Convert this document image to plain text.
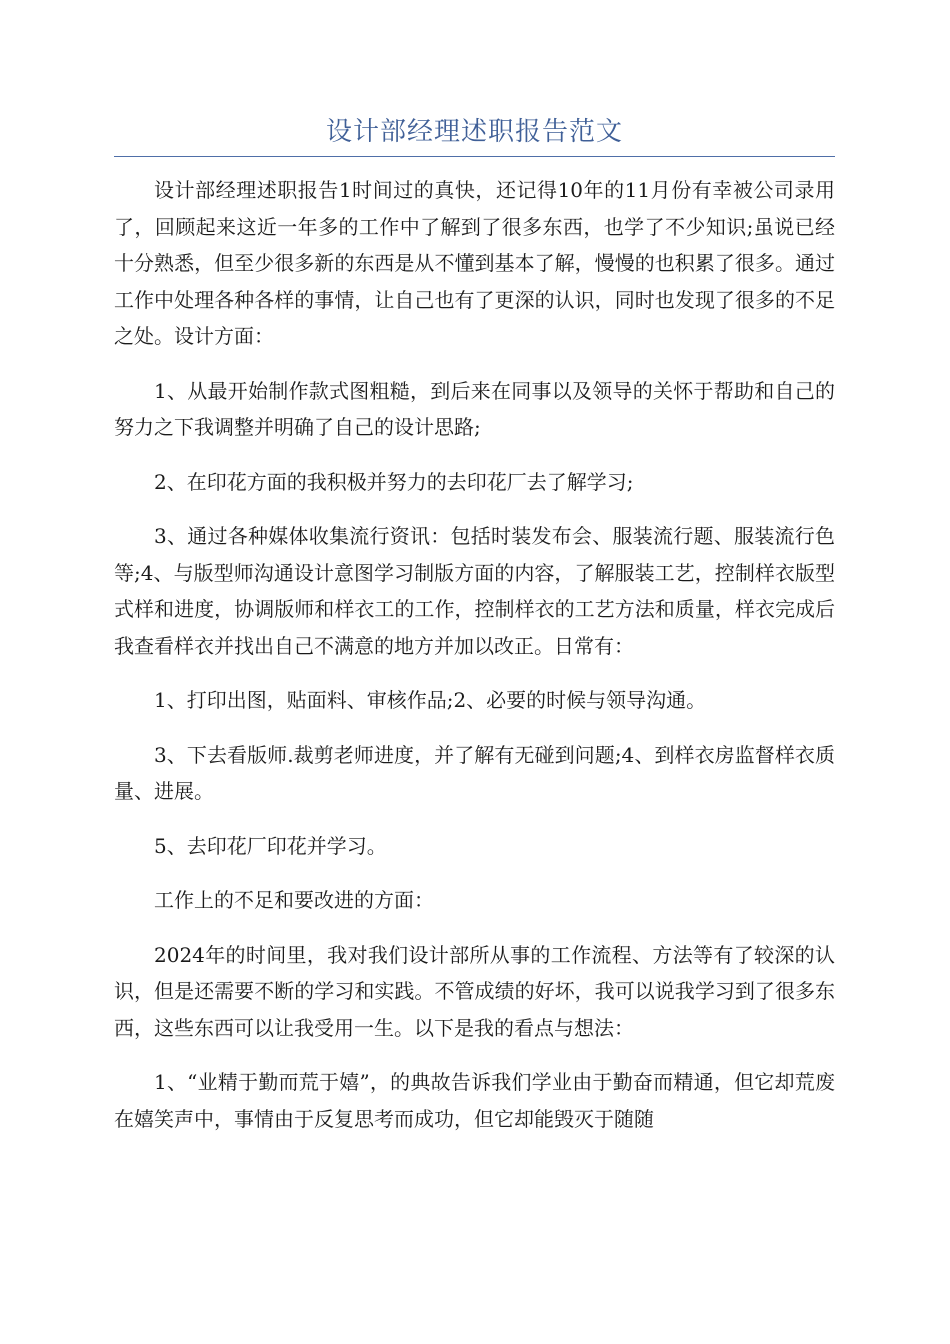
设计部经理述职报告范文

设计部经理述职报告1时间过的真快，还记得10年的11月份有幸被公司录用了，回顾起来这近一年多的工作中了解到了很多东西，也学了不少知识;虽说已经十分熟悉，但至少很多新的东西是从不懂到基本了解，慢慢的也积累了很多。通过工作中处理各种各样的事情，让自己也有了更深的认识，同时也发现了很多的不足之处。设计方面：

1、从最开始制作款式图粗糙，到后来在同事以及领导的关怀于帮助和自己的努力之下我调整并明确了自己的设计思路;

2、在印花方面的我积极并努力的去印花厂去了解学习;

3、通过各种媒体收集流行资讯：包括时装发布会、服装流行题、服装流行色等;4、与版型师沟通设计意图学习制版方面的内容，了解服装工艺，控制样衣版型式样和进度，协调版师和样衣工的工作，控制样衣的工艺方法和质量，样衣完成后我查看样衣并找出自己不满意的地方并加以改正。日常有：

1、打印出图，贴面料、审核作品;2、必要的时候与领导沟通。

3、下去看版师.裁剪老师进度，并了解有无碰到问题;4、到样衣房监督样衣质量、进展。

5、去印花厂印花并学习。

工作上的不足和要改进的方面：

2024年的时间里，我对我们设计部所从事的工作流程、方法等有了较深的认识，但是还需要不断的学习和实践。不管成绩的好坏，我可以说我学习到了很多东西，这些东西可以让我受用一生。以下是我的看点与想法：

1、“业精于勤而荒于嬉”，的典故告诉我们学业由于勤奋而精通，但它却荒废在嬉笑声中，事情由于反复思考而成功，但它却能毁灭于随随
